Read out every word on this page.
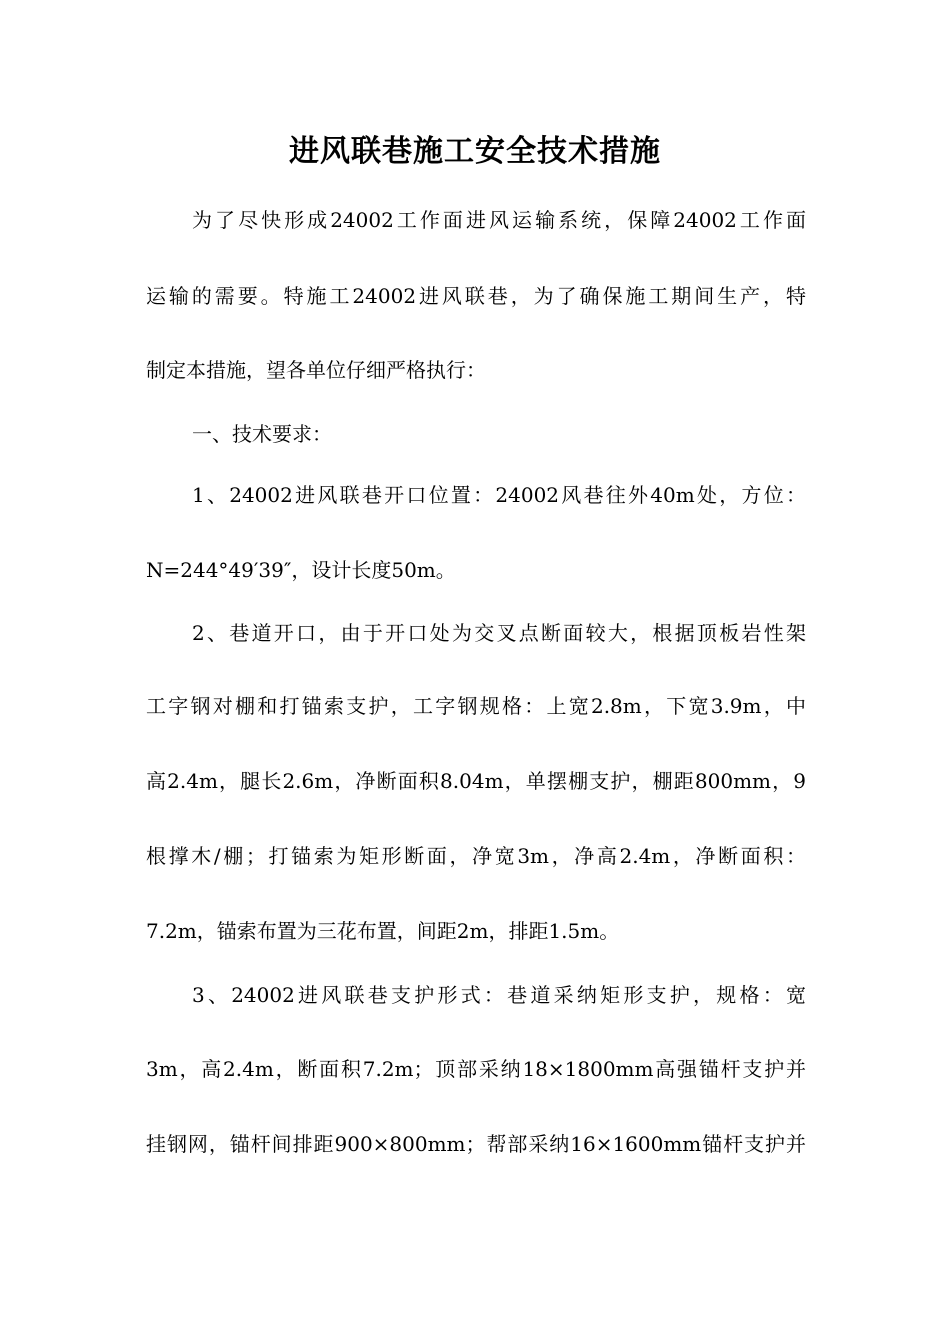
进风联巷施工安全技术措施
为了尽快形成24002工作面进风运输系统，保障24002工作面
运输的需要。特施工24002进风联巷，为了确保施工期间生产，特
制定本措施，望各单位仔细严格执行：
一、技术要求：
1、24002进风联巷开口位置：24002风巷往外40m处，方位：
N=244°49′39″，设计长度50m。
2、巷道开口，由于开口处为交叉点断面较大，根据顶板岩性架
工字钢对棚和打锚索支护，工字钢规格：上宽2.8m，下宽3.9m，中
高2.4m，腿长2.6m，净断面积8.04m，单摆棚支护，棚距800mm，9
根撑木/棚；打锚索为矩形断面，净宽3m，净高2.4m，净断面积：
7.2m，锚索布置为三花布置，间距2m，排距1.5m。
3、24002进风联巷支护形式：巷道采纳矩形支护，规格：宽
3m，高2.4m，断面积7.2m；顶部采纳18×1800mm高强锚杆支护并
挂钢网，锚杆间排距900×800mm；帮部采纳16×1600mm锚杆支护并
